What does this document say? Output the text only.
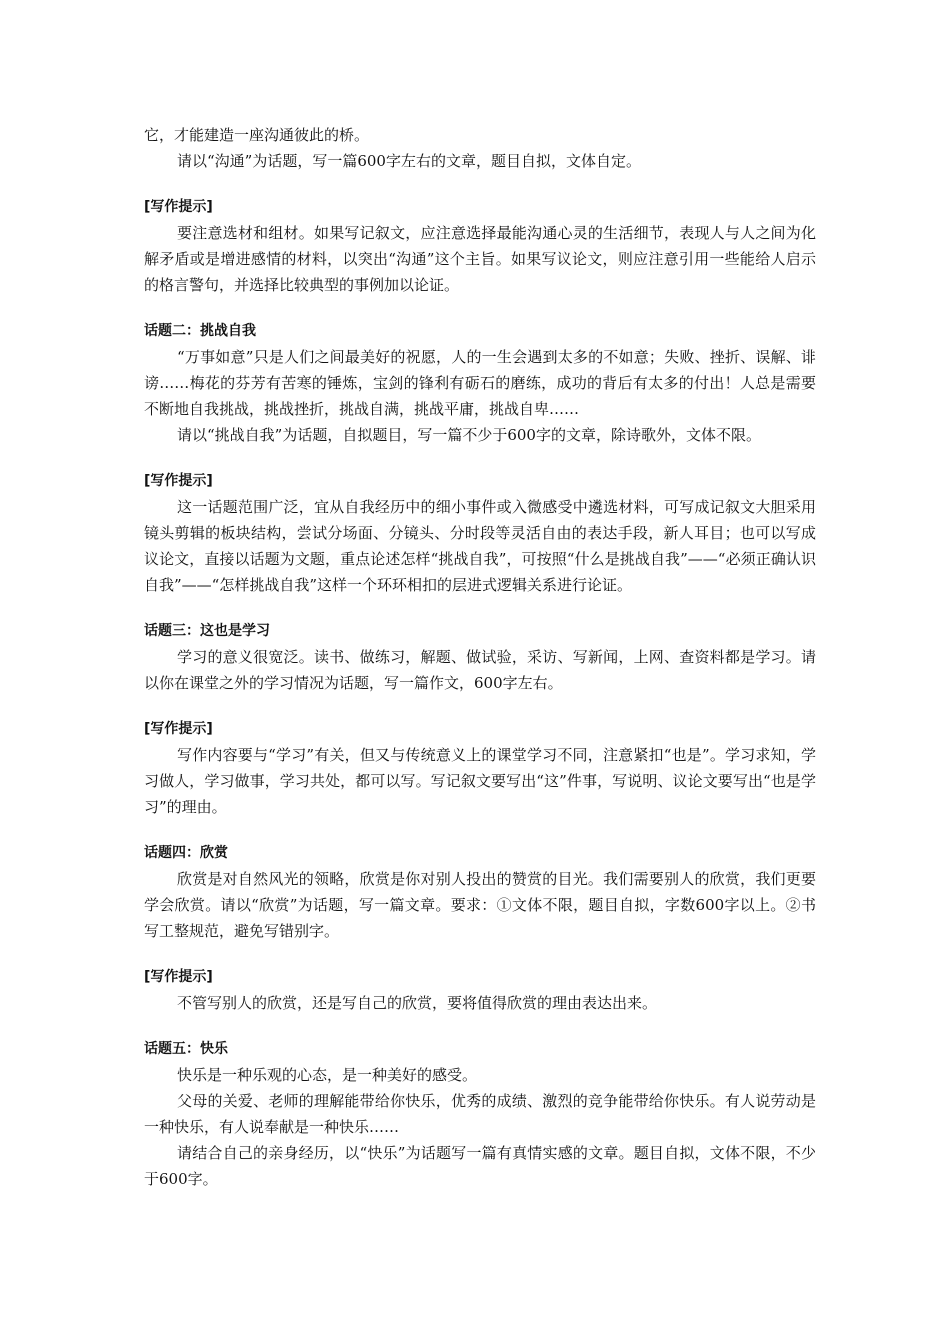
它，才能建造一座沟通彼此的桥。

请以“沟通”为话题，写一篇600字左右的文章，题目自拟，文体自定。

[写作提示]

要注意选材和组材。如果写记叙文，应注意选择最能沟通心灵的生活细节，表现人与人之间为化解矛盾或是增进感情的材料，以突出“沟通”这个主旨。如果写议论文，则应注意引用一些能给人启示的格言警句，并选择比较典型的事例加以论证。

话题二：挑战自我

“万事如意”只是人们之间最美好的祝愿，人的一生会遇到太多的不如意；失败、挫折、误解、诽谤……梅花的芬芳有苦寒的锤炼，宝剑的锋利有砺石的磨练，成功的背后有太多的付出！人总是需要不断地自我挑战，挑战挫折，挑战自满，挑战平庸，挑战自卑……

请以“挑战自我”为话题，自拟题目，写一篇不少于600字的文章，除诗歌外，文体不限。

[写作提示]

这一话题范围广泛，宜从自我经历中的细小事件或入微感受中遴选材料，可写成记叙文大胆采用镜头剪辑的板块结构，尝试分场面、分镜头、分时段等灵活自由的表达手段，新人耳目；也可以写成议论文，直接以话题为文题，重点论述怎样“挑战自我”，可按照“什么是挑战自我”——“必须正确认识自我”——“怎样挑战自我”这样一个环环相扣的层进式逻辑关系进行论证。

话题三：这也是学习

学习的意义很宽泛。读书、做练习，解题、做试验，采访、写新闻，上网、查资料都是学习。请以你在课堂之外的学习情况为话题，写一篇作文，600字左右。

[写作提示]

写作内容要与“学习”有关，但又与传统意义上的课堂学习不同，注意紧扣“也是”。学习求知，学习做人，学习做事，学习共处，都可以写。写记叙文要写出“这”件事，写说明、议论文要写出“也是学习”的理由。

话题四：欣赏

欣赏是对自然风光的领略，欣赏是你对别人投出的赞赏的目光。我们需要别人的欣赏，我们更要学会欣赏。请以“欣赏”为话题，写一篇文章。要求：①文体不限，题目自拟，字数600字以上。②书写工整规范，避免写错别字。

[写作提示]

不管写别人的欣赏，还是写自己的欣赏，要将值得欣赏的理由表达出来。

话题五：快乐

快乐是一种乐观的心态，是一种美好的感受。

父母的关爱、老师的理解能带给你快乐，优秀的成绩、激烈的竞争能带给你快乐。有人说劳动是一种快乐，有人说奉献是一种快乐……

请结合自己的亲身经历，以“快乐”为话题写一篇有真情实感的文章。题目自拟，文体不限，不少于600字。
